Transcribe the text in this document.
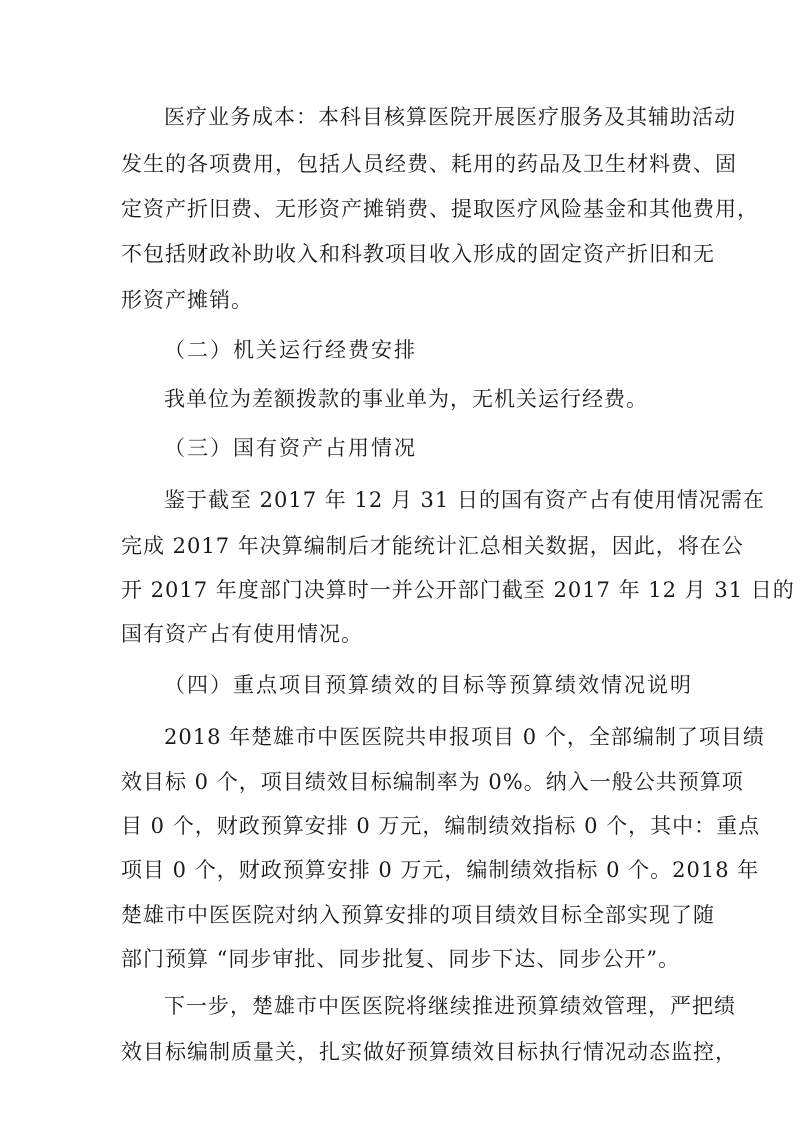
医疗业务成本：本科目核算医院开展医疗服务及其辅助活动
发生的各项费用，包括人员经费、耗用的药品及卫生材料费、固
定资产折旧费、无形资产摊销费、提取医疗风险基金和其他费用，
不包括财政补助收入和科教项目收入形成的固定资产折旧和无
形资产摊销。
（二）机关运行经费安排
我单位为差额拨款的事业单为，无机关运行经费。
（三）国有资产占用情况
鉴于截至 2017 年 12 月 31 日的国有资产占有使用情况需在
完成 2017 年决算编制后才能统计汇总相关数据，因此，将在公
开 2017 年度部门决算时一并公开部门截至 2017 年 12 月 31 日的
国有资产占有使用情况。
（四）重点项目预算绩效的目标等预算绩效情况说明
2018 年楚雄市中医医院共申报项目 0 个，全部编制了项目绩
效目标 0 个，项目绩效目标编制率为 0%。纳入一般公共预算项
目 0 个，财政预算安排 0 万元，编制绩效指标 0 个，其中：重点
项目 0 个，财政预算安排 0 万元，编制绩效指标 0 个。2018 年
楚雄市中医医院对纳入预算安排的项目绩效目标全部实现了随
部门预算 “同步审批、同步批复、同步下达、同步公开”。
下一步，楚雄市中医医院将继续推进预算绩效管理，严把绩
效目标编制质量关，扎实做好预算绩效目标执行情况动态监控，
